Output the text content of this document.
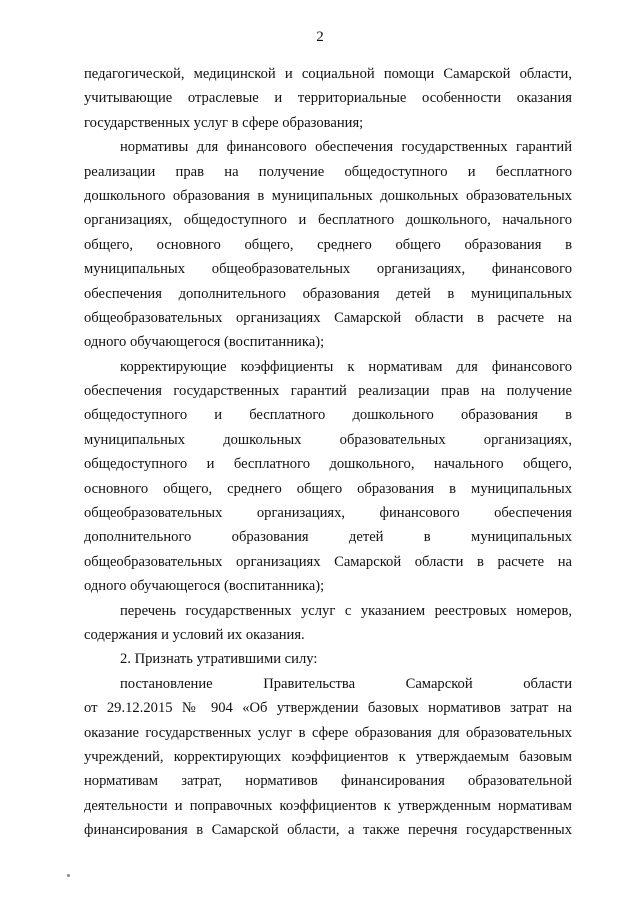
2
педагогической, медицинской и социальной помощи Самарской области,
учитывающие отраслевые и территориальные особенности оказания
государственных услуг в сфере образования;
нормативы для финансового обеспечения государственных гарантий
реализации прав на получение общедоступного и бесплатного
дошкольного образования в муниципальных дошкольных образовательных
организациях, общедоступного и бесплатного дошкольного, начального
общего, основного общего, среднего общего образования в
муниципальных общеобразовательных организациях, финансового
обеспечения дополнительного образования детей в муниципальных
общеобразовательных организациях Самарской области в расчете на
одного обучающегося (воспитанника);
корректирующие коэффициенты к нормативам для финансового
обеспечения государственных гарантий реализации прав на получение
общедоступного и бесплатного дошкольного образования в
муниципальных дошкольных образовательных организациях,
общедоступного и бесплатного дошкольного, начального общего,
основного общего, среднего общего образования в муниципальных
общеобразовательных организациях, финансового обеспечения
дополнительного образования детей в муниципальных
общеобразовательных организациях Самарской области в расчете на
одного обучающегося (воспитанника);
перечень государственных услуг с указанием реестровых номеров,
содержания и условий их оказания.
2. Признать утратившими силу:
постановление Правительства Самарской области
от 29.12.2015 № 904 «Об утверждении базовых нормативов затрат на
оказание государственных услуг в сфере образования для образовательных
учреждений, корректирующих коэффициентов к утверждаемым базовым
нормативам затрат, нормативов финансирования образовательной
деятельности и поправочных коэффициентов к утвержденным нормативам
финансирования в Самарской области, а также перечня государственных
